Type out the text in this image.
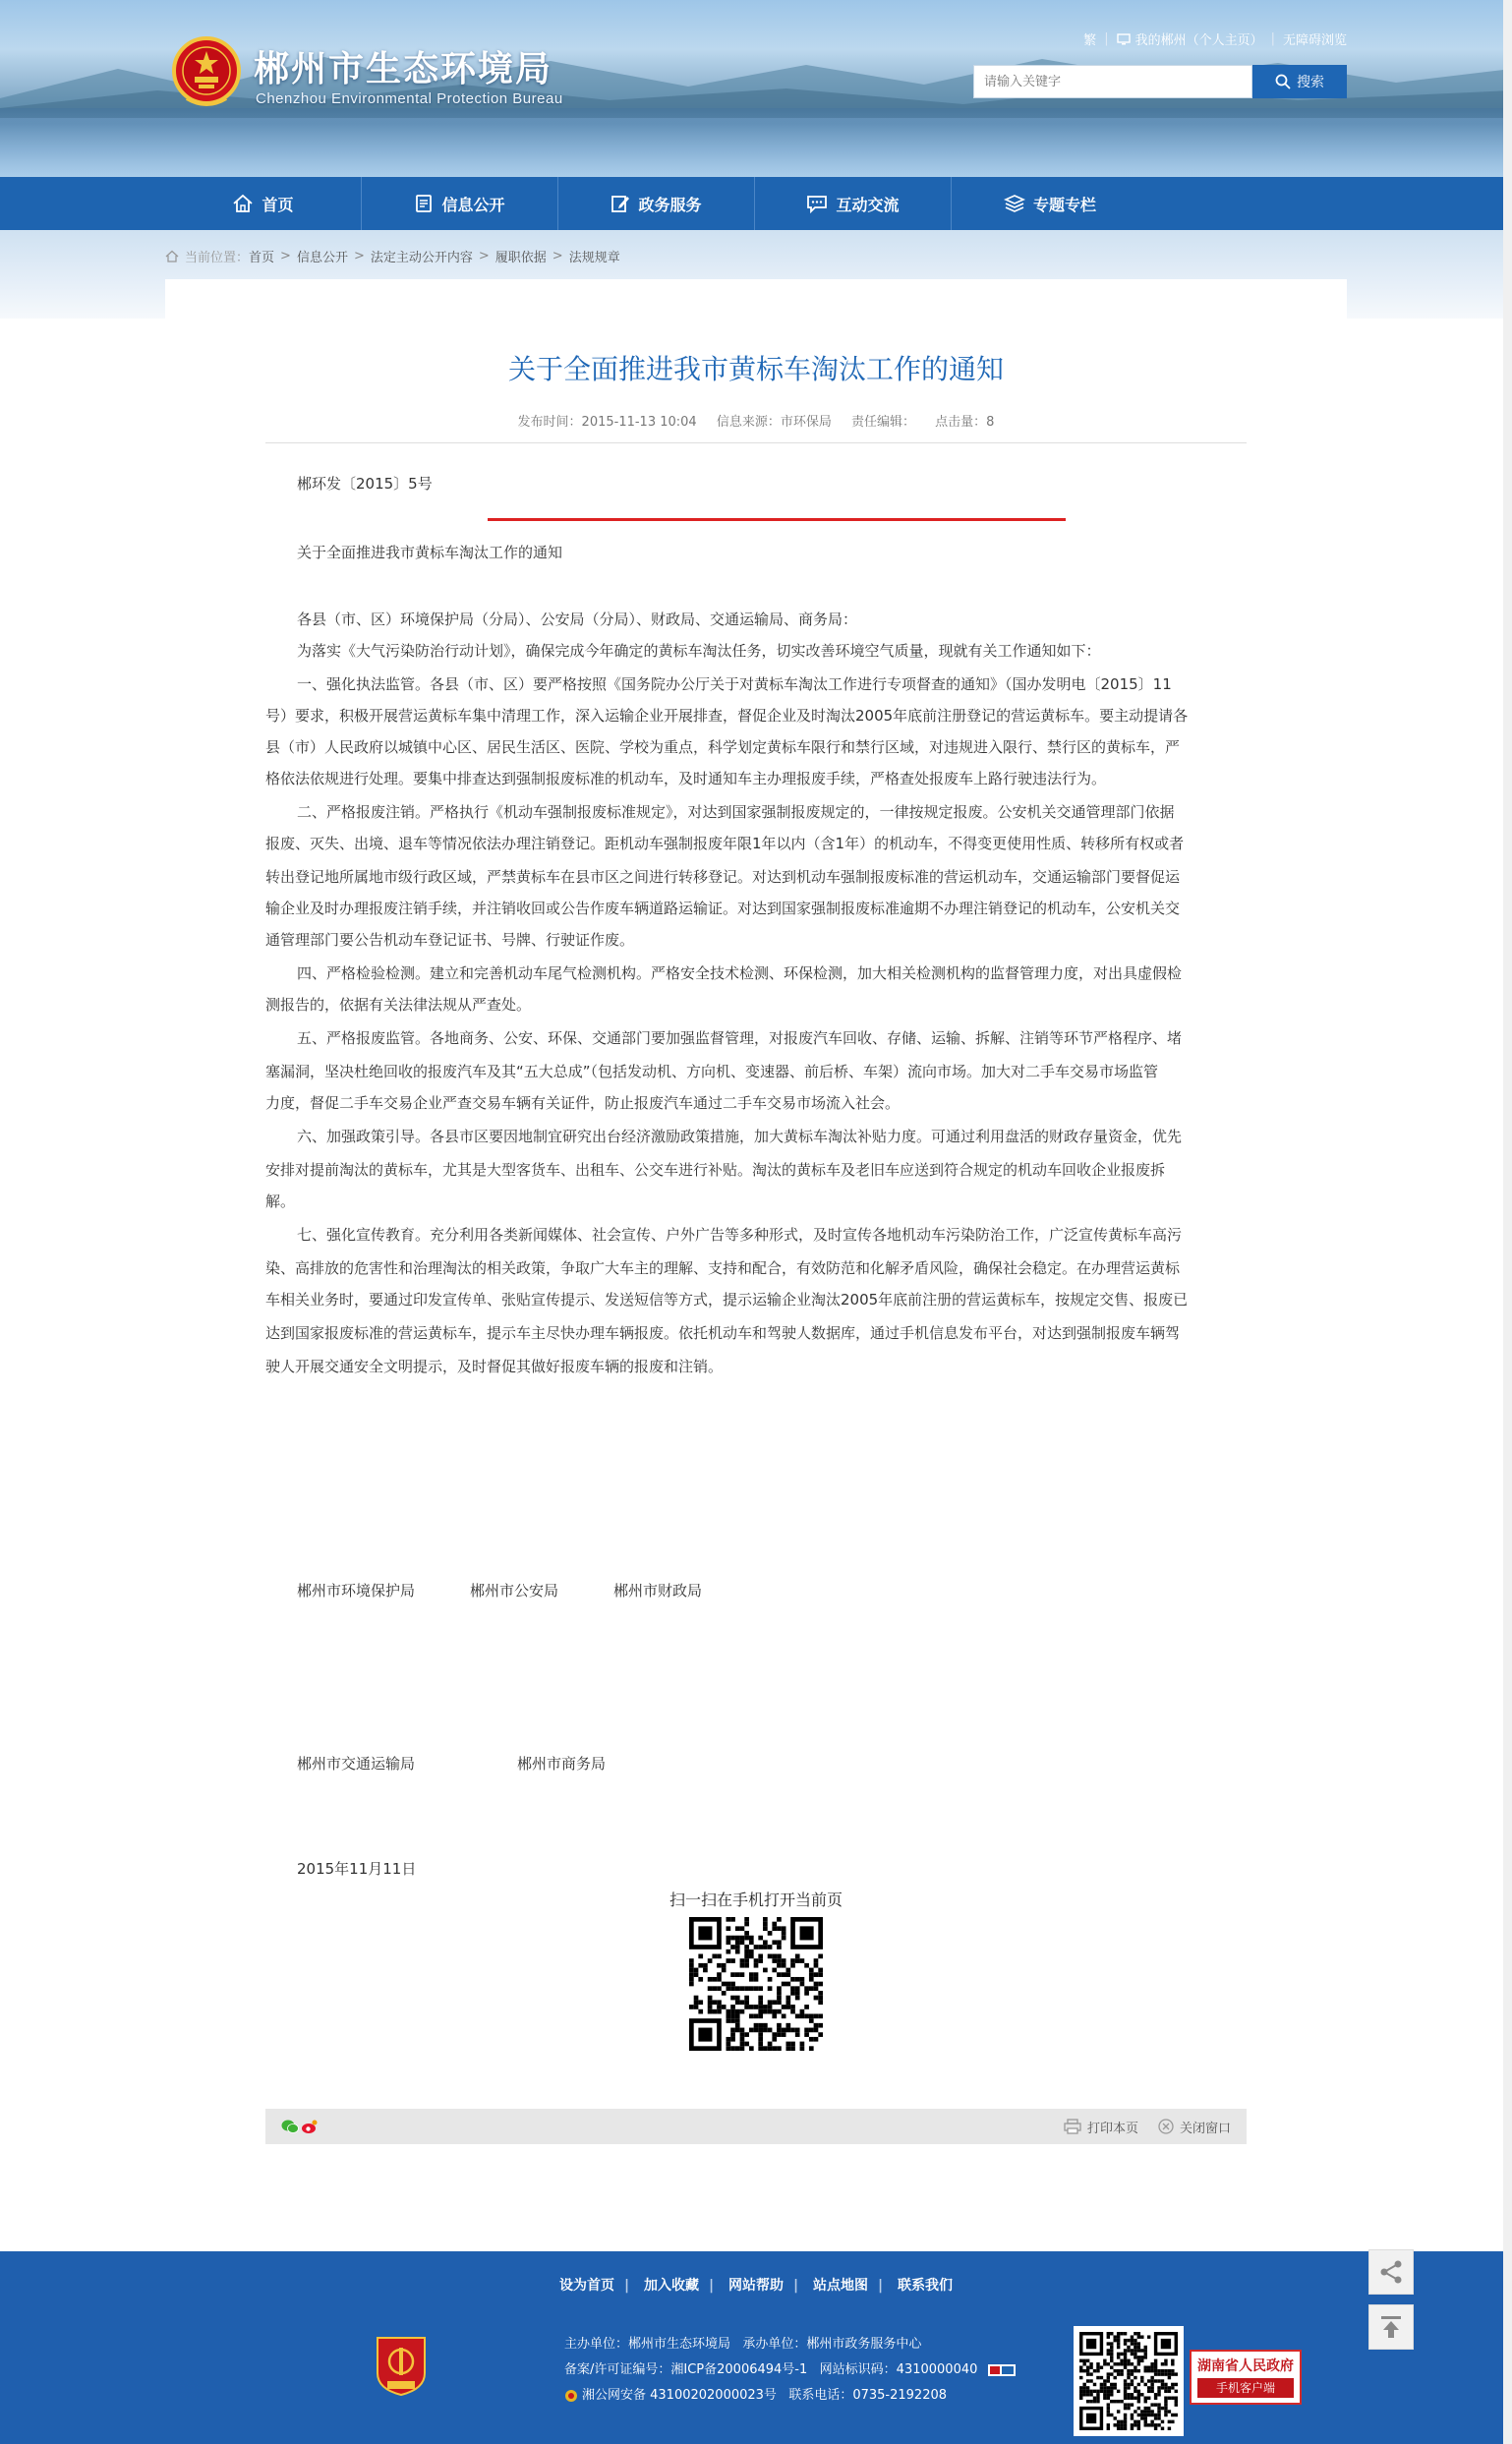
郴州市生态环境局
Chenzhou Environmental Protection Bureau
繁 | 我的郴州（个人主页） | 无障碍浏览
请输入关键字
搜索
首页	信息公开	政务服务	互动交流	专题专栏
当前位置： 首页 > 信息公开 > 法定主动公开内容 > 履职依据 > 法规规章
关于全面推进我市黄标车淘汰工作的通知
发布时间：2015-11-13 10:04 信息来源：市环保局 责任编辑： 点击量：8
郴环发〔2015〕5号
关于全面推进我市黄标车淘汰工作的通知
各县（市、区）环境保护局（分局）、公安局（分局）、财政局、交通运输局、商务局：
为落实《大气污染防治行动计划》，确保完成今年确定的黄标车淘汰任务，切实改善环境空气质量，现就有关工作通知如下：
一、强化执法监管。各县（市、区）要严格按照《国务院办公厅关于对黄标车淘汰工作进行专项督查的通知》（国办发明电〔2015〕11
号）要求，积极开展营运黄标车集中清理工作，深入运输企业开展排查，督促企业及时淘汰2005年底前注册登记的营运黄标车。要主动提请各
县（市）人民政府以城镇中心区、居民生活区、医院、学校为重点，科学划定黄标车限行和禁行区域，对违规进入限行、禁行区的黄标车，严
格依法依规进行处理。要集中排查达到强制报废标准的机动车，及时通知车主办理报废手续，严格查处报废车上路行驶违法行为。
二、严格报废注销。严格执行《机动车强制报废标准规定》，对达到国家强制报废规定的，一律按规定报废。公安机关交通管理部门依据
报废、灭失、出境、退车等情况依法办理注销登记。距机动车强制报废年限1年以内（含1年）的机动车，不得变更使用性质、转移所有权或者
转出登记地所属地市级行政区域，严禁黄标车在县市区之间进行转移登记。对达到机动车强制报废标准的营运机动车，交通运输部门要督促运
输企业及时办理报废注销手续，并注销收回或公告作废车辆道路运输证。对达到国家强制报废标准逾期不办理注销登记的机动车，公安机关交
通管理部门要公告机动车登记证书、号牌、行驶证作废。
四、严格检验检测。建立和完善机动车尾气检测机构。严格安全技术检测、环保检测，加大相关检测机构的监督管理力度，对出具虚假检
测报告的，依据有关法律法规从严查处。
五、严格报废监管。各地商务、公安、环保、交通部门要加强监督管理，对报废汽车回收、存储、运输、拆解、注销等环节严格程序、堵
塞漏洞，坚决杜绝回收的报废汽车及其“五大总成”（包括发动机、方向机、变速器、前后桥、车架）流向市场。加大对二手车交易市场监管
力度，督促二手车交易企业严查交易车辆有关证件，防止报废汽车通过二手车交易市场流入社会。
六、加强政策引导。各县市区要因地制宜研究出台经济激励政策措施，加大黄标车淘汰补贴力度。可通过利用盘活的财政存量资金，优先
安排对提前淘汰的黄标车，尤其是大型客货车、出租车、公交车进行补贴。淘汰的黄标车及老旧车应送到符合规定的机动车回收企业报废拆
解。
七、强化宣传教育。充分利用各类新闻媒体、社会宣传、户外广告等多种形式，及时宣传各地机动车污染防治工作，广泛宣传黄标车高污
染、高排放的危害性和治理淘汰的相关政策，争取广大车主的理解、支持和配合，有效防范和化解矛盾风险，确保社会稳定。在办理营运黄标
车相关业务时，要通过印发宣传单、张贴宣传提示、发送短信等方式，提示运输企业淘汰2005年底前注册的营运黄标车，按规定交售、报废已
达到国家报废标准的营运黄标车，提示车主尽快办理车辆报废。依托机动车和驾驶人数据库，通过手机信息发布平台，对达到强制报废车辆驾
驶人开展交通安全文明提示，及时督促其做好报废车辆的报废和注销。
郴州市环境保护局	郴州市公安局	郴州市财政局
郴州市交通运输局	郴州市商务局
2015年11月11日
扫一扫在手机打开当前页
打印本页	关闭窗口
设为首页 | 加入收藏 | 网站帮助 | 站点地图 | 联系我们
主办单位：郴州市生态环境局 承办单位：郴州市政务服务中心
备案/许可证编号：湘ICP备20006494号-1 网站标识码：4310000040
湘公网安备 43100202000023号 联系电话：0735-2192208
湖南省人民政府
手机客户端
